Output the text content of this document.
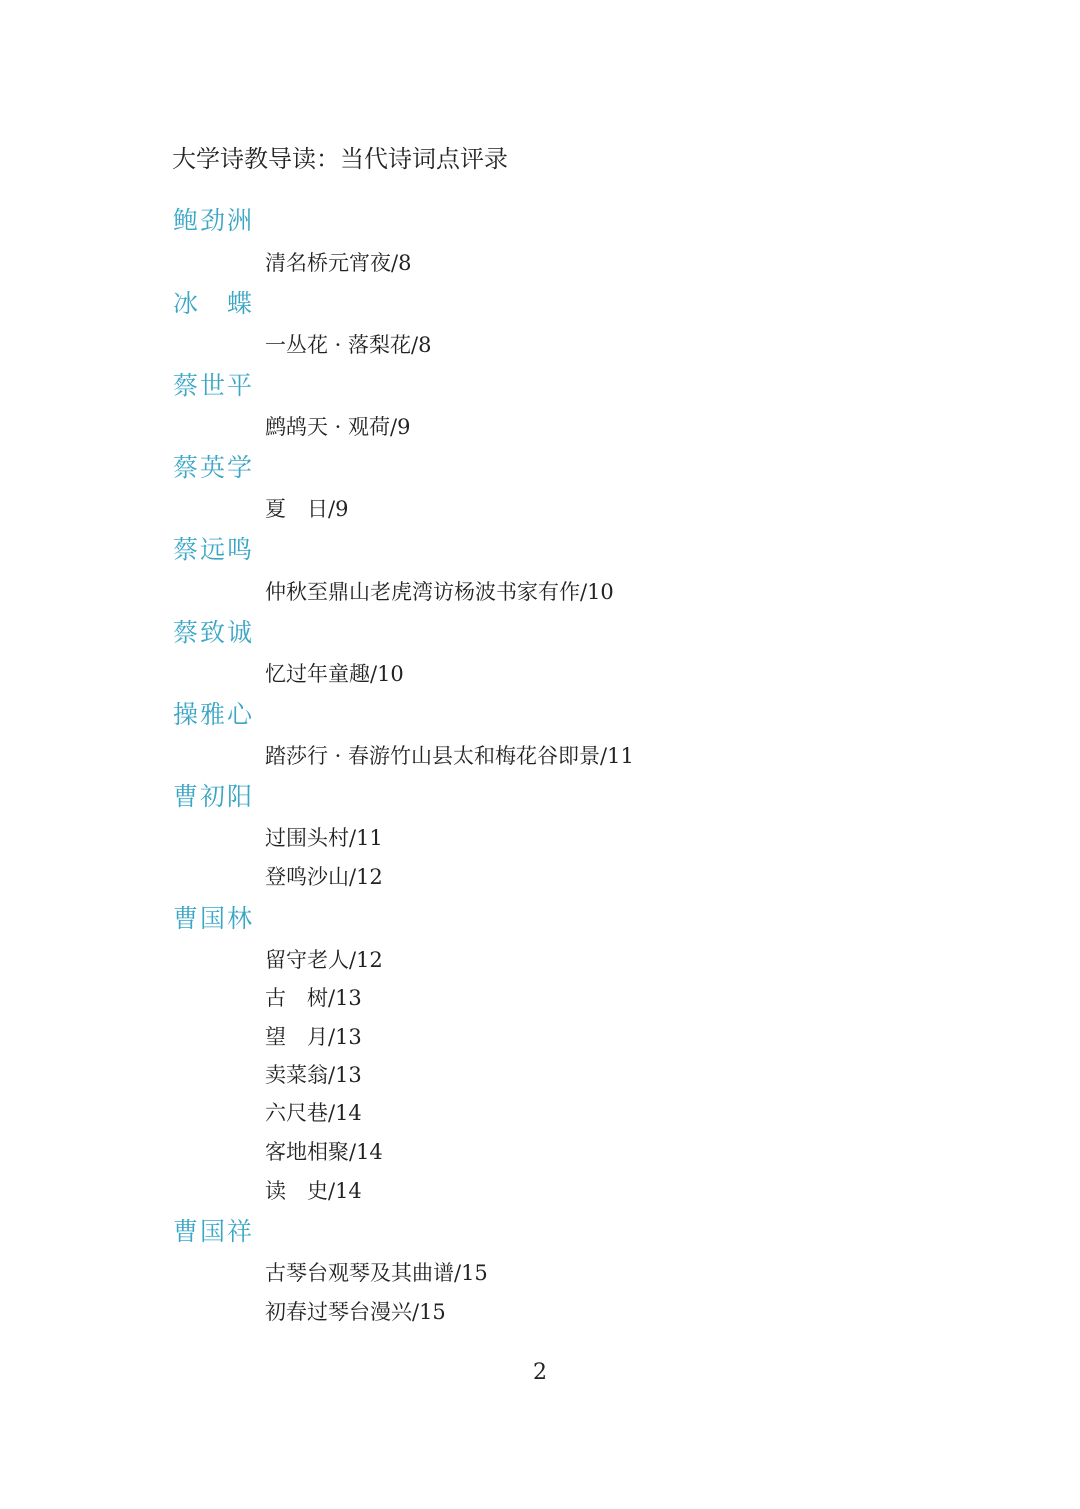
大学诗教导读：当代诗词点评录
鲍劲洲
清名桥元宵夜/8
冰　蝶
一丛花 · 落梨花/8
蔡世平
鹧鸪天 · 观荷/9
蔡英学
夏　日/9
蔡远鸣
仲秋至鼎山老虎湾访杨波书家有作/10
蔡致诚
忆过年童趣/10
操雅心
踏莎行 · 春游竹山县太和梅花谷即景/11
曹初阳
过围头村/11
登鸣沙山/12
曹国林
留守老人/12
古　树/13
望　月/13
卖菜翁/13
六尺巷/14
客地相聚/14
读　史/14
曹国祥
古琴台观琴及其曲谱/15
初春过琴台漫兴/15
2
